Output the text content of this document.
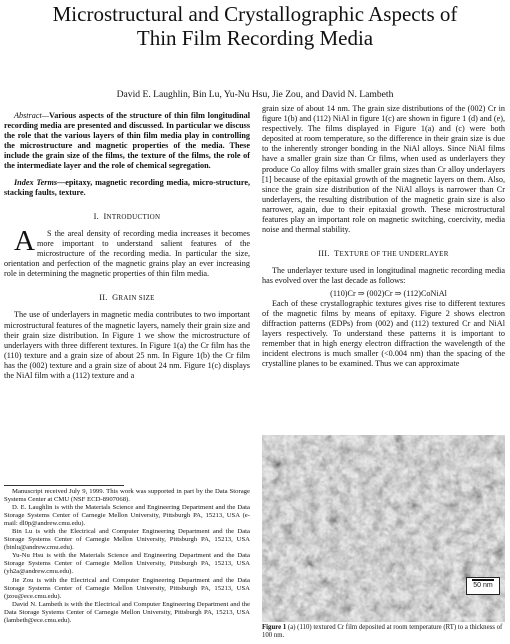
Microstructural and Crystallographic Aspects of
Thin Film Recording Media
David E. Laughlin, Bin Lu, Yu-Nu Hsu, Jie Zou, and David N. Lambeth

Abstract—Various aspects of the structure of thin film longitudinal recording media are presented and discussed. In particular we discuss the role that the various layers of thin film media play in controlling the microstructure and magnetic properties of the media. These include the grain size of the films, the texture of the films, the role of the intermediate layer and the role of chemical segregation.

Index Terms—epitaxy, magnetic recording media, micro-structure, stacking faults, texture.

I. INTRODUCTION

A S the areal density of recording media increases it becomes more important to understand salient features of the microstructure of the recording media. In particular the size, orientation and perfection of the magnetic grains play an ever increasing role in determining the magnetic properties of thin film media.

II. GRAIN SIZE

The use of underlayers in magnetic media contributes to two important microstructural features of the magnetic layers, namely their grain size and their grain size distribution. In Figure 1 we show the microstructure of underlayers with three different textures. In Figure 1(a) the Cr film has the (110) texture and a grain size of about 25 nm. In Figure 1(b) the Cr film has the (002) texture and a grain size of about 24 nm. Figure 1(c) displays the NiAl film with a (112) texture and a

Manuscript received July 9, 1999. This work was supported in part by the Data Storage Systems Center at CMU (NSF ECD-8907068).

D. E. Laughlin is with the Materials Science and Engineering Department and the Data Storage Systems Center of Carnegie Mellon University, Pittsburgh PA, 15213, USA (e-mail: dl0p@andrew.cmu.edu).

Bin Lu is with the Electrical and Computer Engineering Department and the Data Storage Systems Center of Carnegie Mellon University, Pittsburgh PA, 15213, USA (binlu@andrew.cmu.edu).

Yu-Nu Hsu is with the Materials Science and Engineering Department and the Data Storage Systems Center of Carnegie Mellon University, Pittsburgh PA, 15213, USA (yh2a@andrew.cmu.edu).

Jie Zou is with the Electrical and Computer Engineering Department and the Data Storage Systems Center of Carnegie Mellon University, Pittsburgh PA, 15213, USA (jzou@ece.cmu.edu).

David N. Lambeth is with the Electrical and Computer Engineering Department and the Data Storage Systems Center of Carnegie Mellon University, Pittsburgh PA, 15213, USA (lambeth@ece.cmu.edu).

grain size of about 14 nm. The grain size distributions of the (002) Cr in figure 1(b) and (112) NiAl in figure 1(c) are shown in figure 1 (d) and (e), respectively. The films displayed in Figure 1(a) and (c) were both deposited at room temperature, so the difference in their grain size is due to the inherently stronger bonding in the NiAl alloys. Since NiAl films have a smaller grain size than Cr films, when used as underlayers they produce Co alloy films with smaller grain sizes than Cr alloy underlayers [1] because of the epitaxial growth of the magnetic layers on them. Also, since the grain size distribution of the NiAl alloys is narrower than Cr underlayers, the resulting distribution of the magnetic grain size is also narrower, again, due to their epitaxial growth. These microstructural features play an important role on magnetic switching, coercivity, media noise and thermal stability.

III. TEXTURE OF THE UNDERLAYER

The underlayer texture used in longitudinal magnetic recording media has evolved over the last decade as follows:

(110)Cr ⇒ (002)Cr ⇒ (112)CoNiAl

Each of these crystallographic textures gives rise to different textures of the magnetic films by means of epitaxy. Figure 2 shows electron diffraction patterns (EDPs) from (002) and (112) textured Cr and NiAl layers respectively. To understand these patterns it is important to remember that in high energy electron diffraction the wavelength of the incident electrons is much smaller (<0.004 nm) than the spacing of the crystalline planes to be examined. Thus we can approximate

50 nm
Figure 1 (a) (110) textured Cr film deposited at room temperature (RT) to a thickness of 100 nm.
